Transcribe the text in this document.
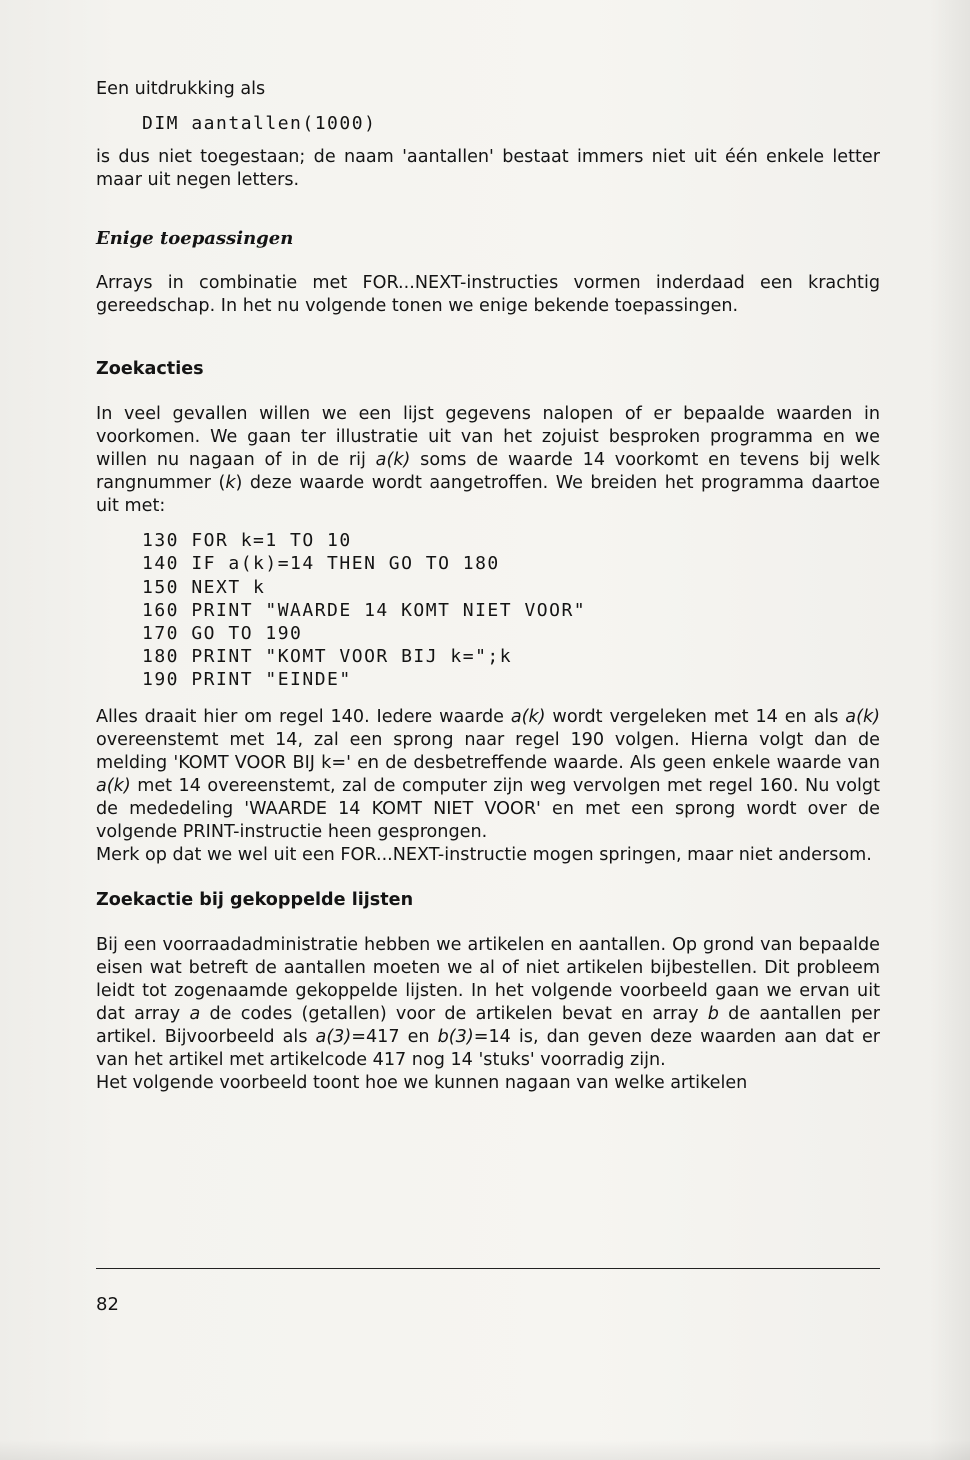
Een uitdrukking als

DIM aantallen(1000)

is dus niet toegestaan; de naam 'aantallen' bestaat immers niet uit één enkele letter maar uit negen letters.

Enige toepassingen

Arrays in combinatie met FOR...NEXT-instructies vormen inderdaad een krachtig gereedschap. In het nu volgende tonen we enige bekende toepassingen.

Zoekacties

In veel gevallen willen we een lijst gegevens nalopen of er bepaalde waarden in voorkomen. We gaan ter illustratie uit van het zojuist besproken programma en we willen nu nagaan of in de rij a(k) soms de waarde 14 voorkomt en tevens bij welk rangnummer (k) deze waarde wordt aangetroffen. We breiden het programma daartoe uit met:

130 FOR k=1 TO 10

140 IF a(k)=14 THEN GO TO 180

150 NEXT k

160 PRINT "WAARDE 14 KOMT NIET VOOR"

170 GO TO 190

180 PRINT "KOMT VOOR BIJ k=";k

190 PRINT "EINDE"

Alles draait hier om regel 140. Iedere waarde a(k) wordt vergeleken met 14 en als a(k) overeenstemt met 14, zal een sprong naar regel 190 volgen. Hierna volgt dan de melding 'KOMT VOOR BIJ k=' en de desbetreffende waarde. Als geen enkele waarde van a(k) met 14 overeenstemt, zal de computer zijn weg vervolgen met regel 160. Nu volgt de mededeling 'WAARDE 14 KOMT NIET VOOR' en met een sprong wordt over de volgende PRINT-instructie heen gesprongen.

Merk op dat we wel uit een FOR...NEXT-instructie mogen springen, maar niet andersom.

Zoekactie bij gekoppelde lijsten

Bij een voorraadadministratie hebben we artikelen en aantallen. Op grond van bepaalde eisen wat betreft de aantallen moeten we al of niet artikelen bijbestellen. Dit probleem leidt tot zogenaamde gekoppelde lijsten. In het volgende voorbeeld gaan we ervan uit dat array a de codes (getallen) voor de artikelen bevat en array b de aantallen per artikel. Bijvoorbeeld als a(3)=417 en b(3)=14 is, dan geven deze waarden aan dat er van het artikel met artikelcode 417 nog 14 'stuks' voorradig zijn.

Het volgende voorbeeld toont hoe we kunnen nagaan van welke artikelen

82
